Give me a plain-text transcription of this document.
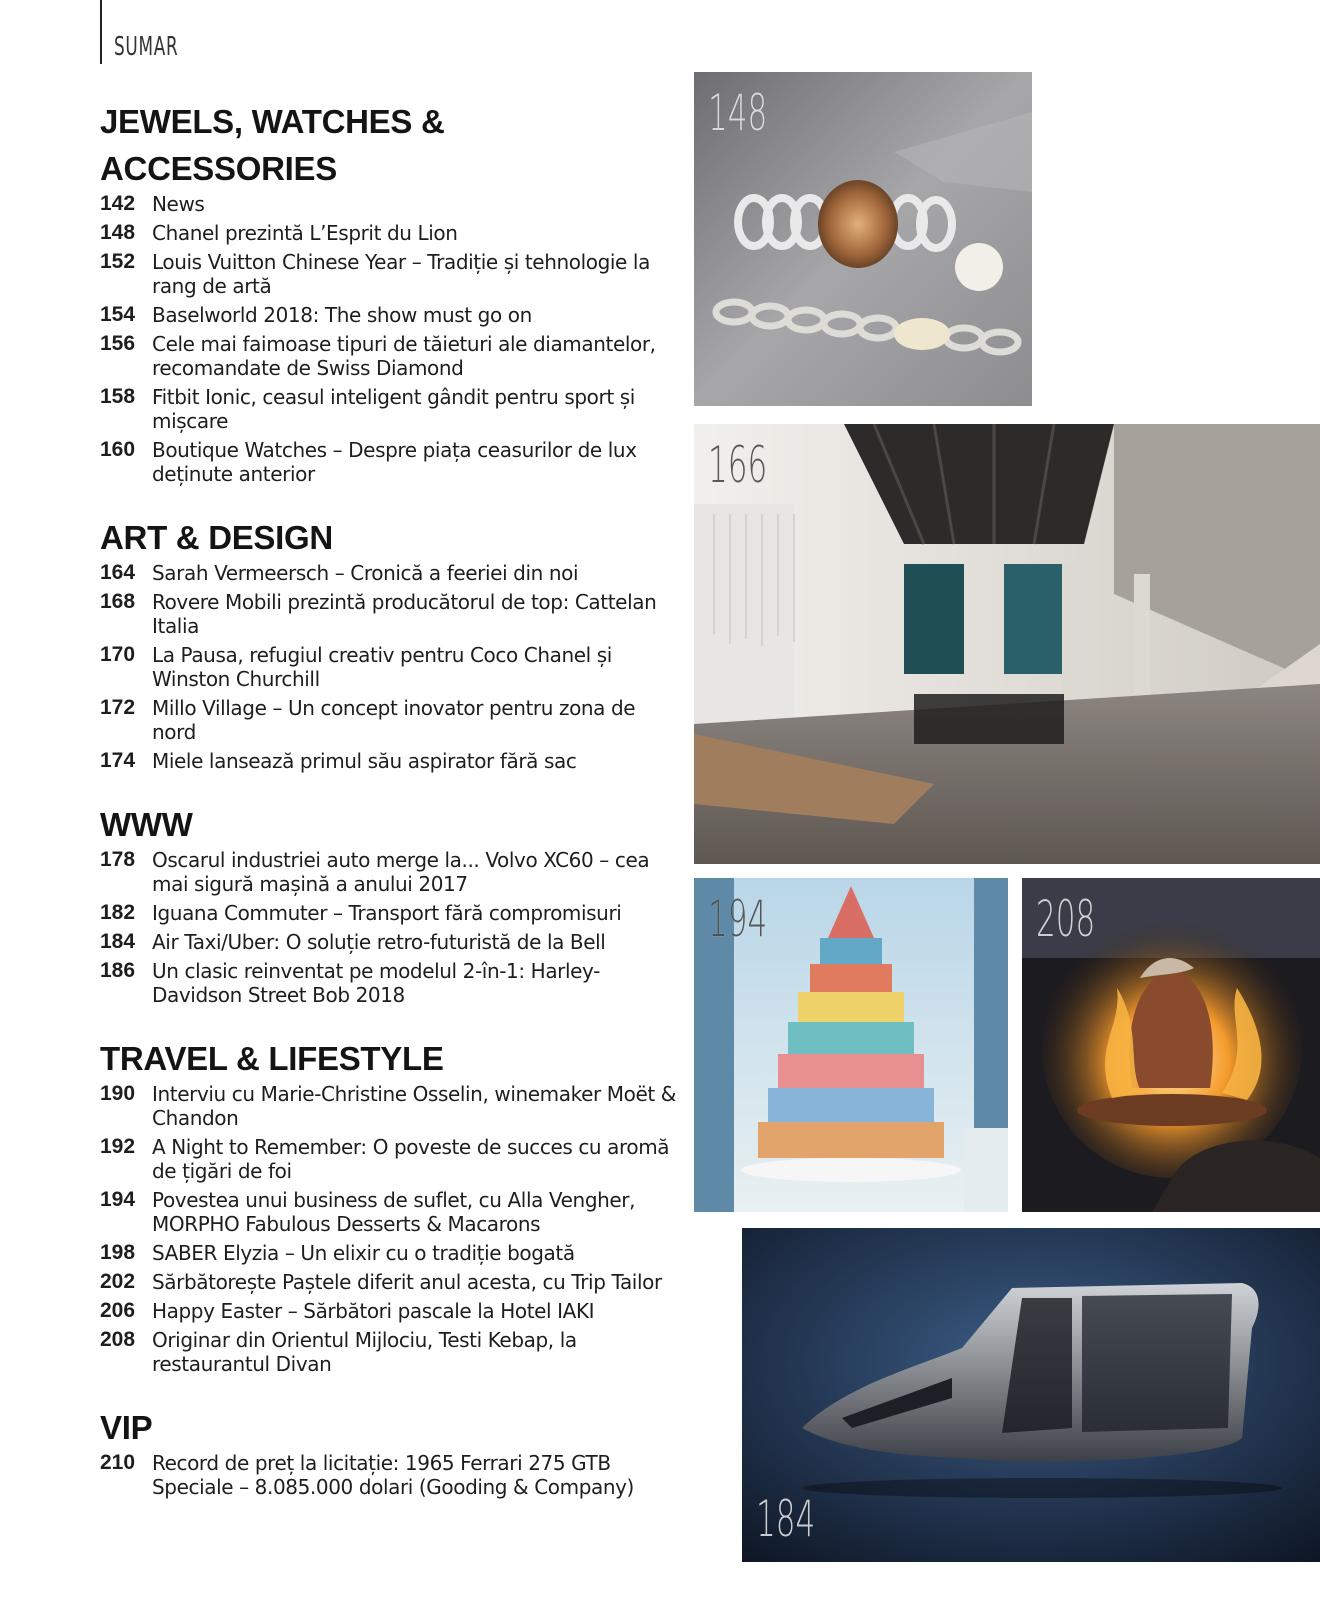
SUMAR
JEWELS, WATCHES &
ACCESSORIES
142 News
148 Chanel prezintă L’Esprit du Lion
152 Louis Vuitton Chinese Year – Tradiție și tehnologie la rang de artă
154 Baselworld 2018: The show must go on
156 Cele mai faimoase tipuri de tăieturi ale diamantelor, recomandate de Swiss Diamond
158 Fitbit Ionic, ceasul inteligent gândit pentru sport și mișcare
160 Boutique Watches – Despre piața ceasurilor de lux deținute anterior
ART & DESIGN
164 Sarah Vermeersch – Cronică a feeriei din noi
168 Rovere Mobili prezintă producătorul de top: Cattelan Italia
170 La Pausa, refugiul creativ pentru Coco Chanel și Winston Churchill
172 Millo Village – Un concept inovator pentru zona de nord
174 Miele lansează primul său aspirator fără sac
WWW
178 Oscarul industriei auto merge la... Volvo XC60 – cea mai sigură mașină a anului 2017
182 Iguana Commuter – Transport fără compromisuri
184 Air Taxi/Uber: O soluție retro-futuristă de la Bell
186 Un clasic reinventat pe modelul 2-în-1: Harley-Davidson Street Bob 2018
TRAVEL & LIFESTYLE
190 Interviu cu Marie-Christine Osselin, winemaker Moët & Chandon
192 A Night to Remember: O poveste de succes cu aromă de țigări de foi
194 Povestea unui business de suflet, cu Alla Vengher, MORPHO Fabulous Desserts & Macarons
198 SABER Elyzia – Un elixir cu o tradiție bogată
202 Sărbătorește Paștele diferit anul acesta, cu Trip Tailor
206 Happy Easter – Sărbători pascale la Hotel IAKI
208 Originar din Orientul Mijlociu, Testi Kebap, la restaurantul Divan
VIP
210 Record de preț la licitație: 1965 Ferrari 275 GTB Speciale – 8.085.000 dolari (Gooding & Company)
148
166
194	208
184
